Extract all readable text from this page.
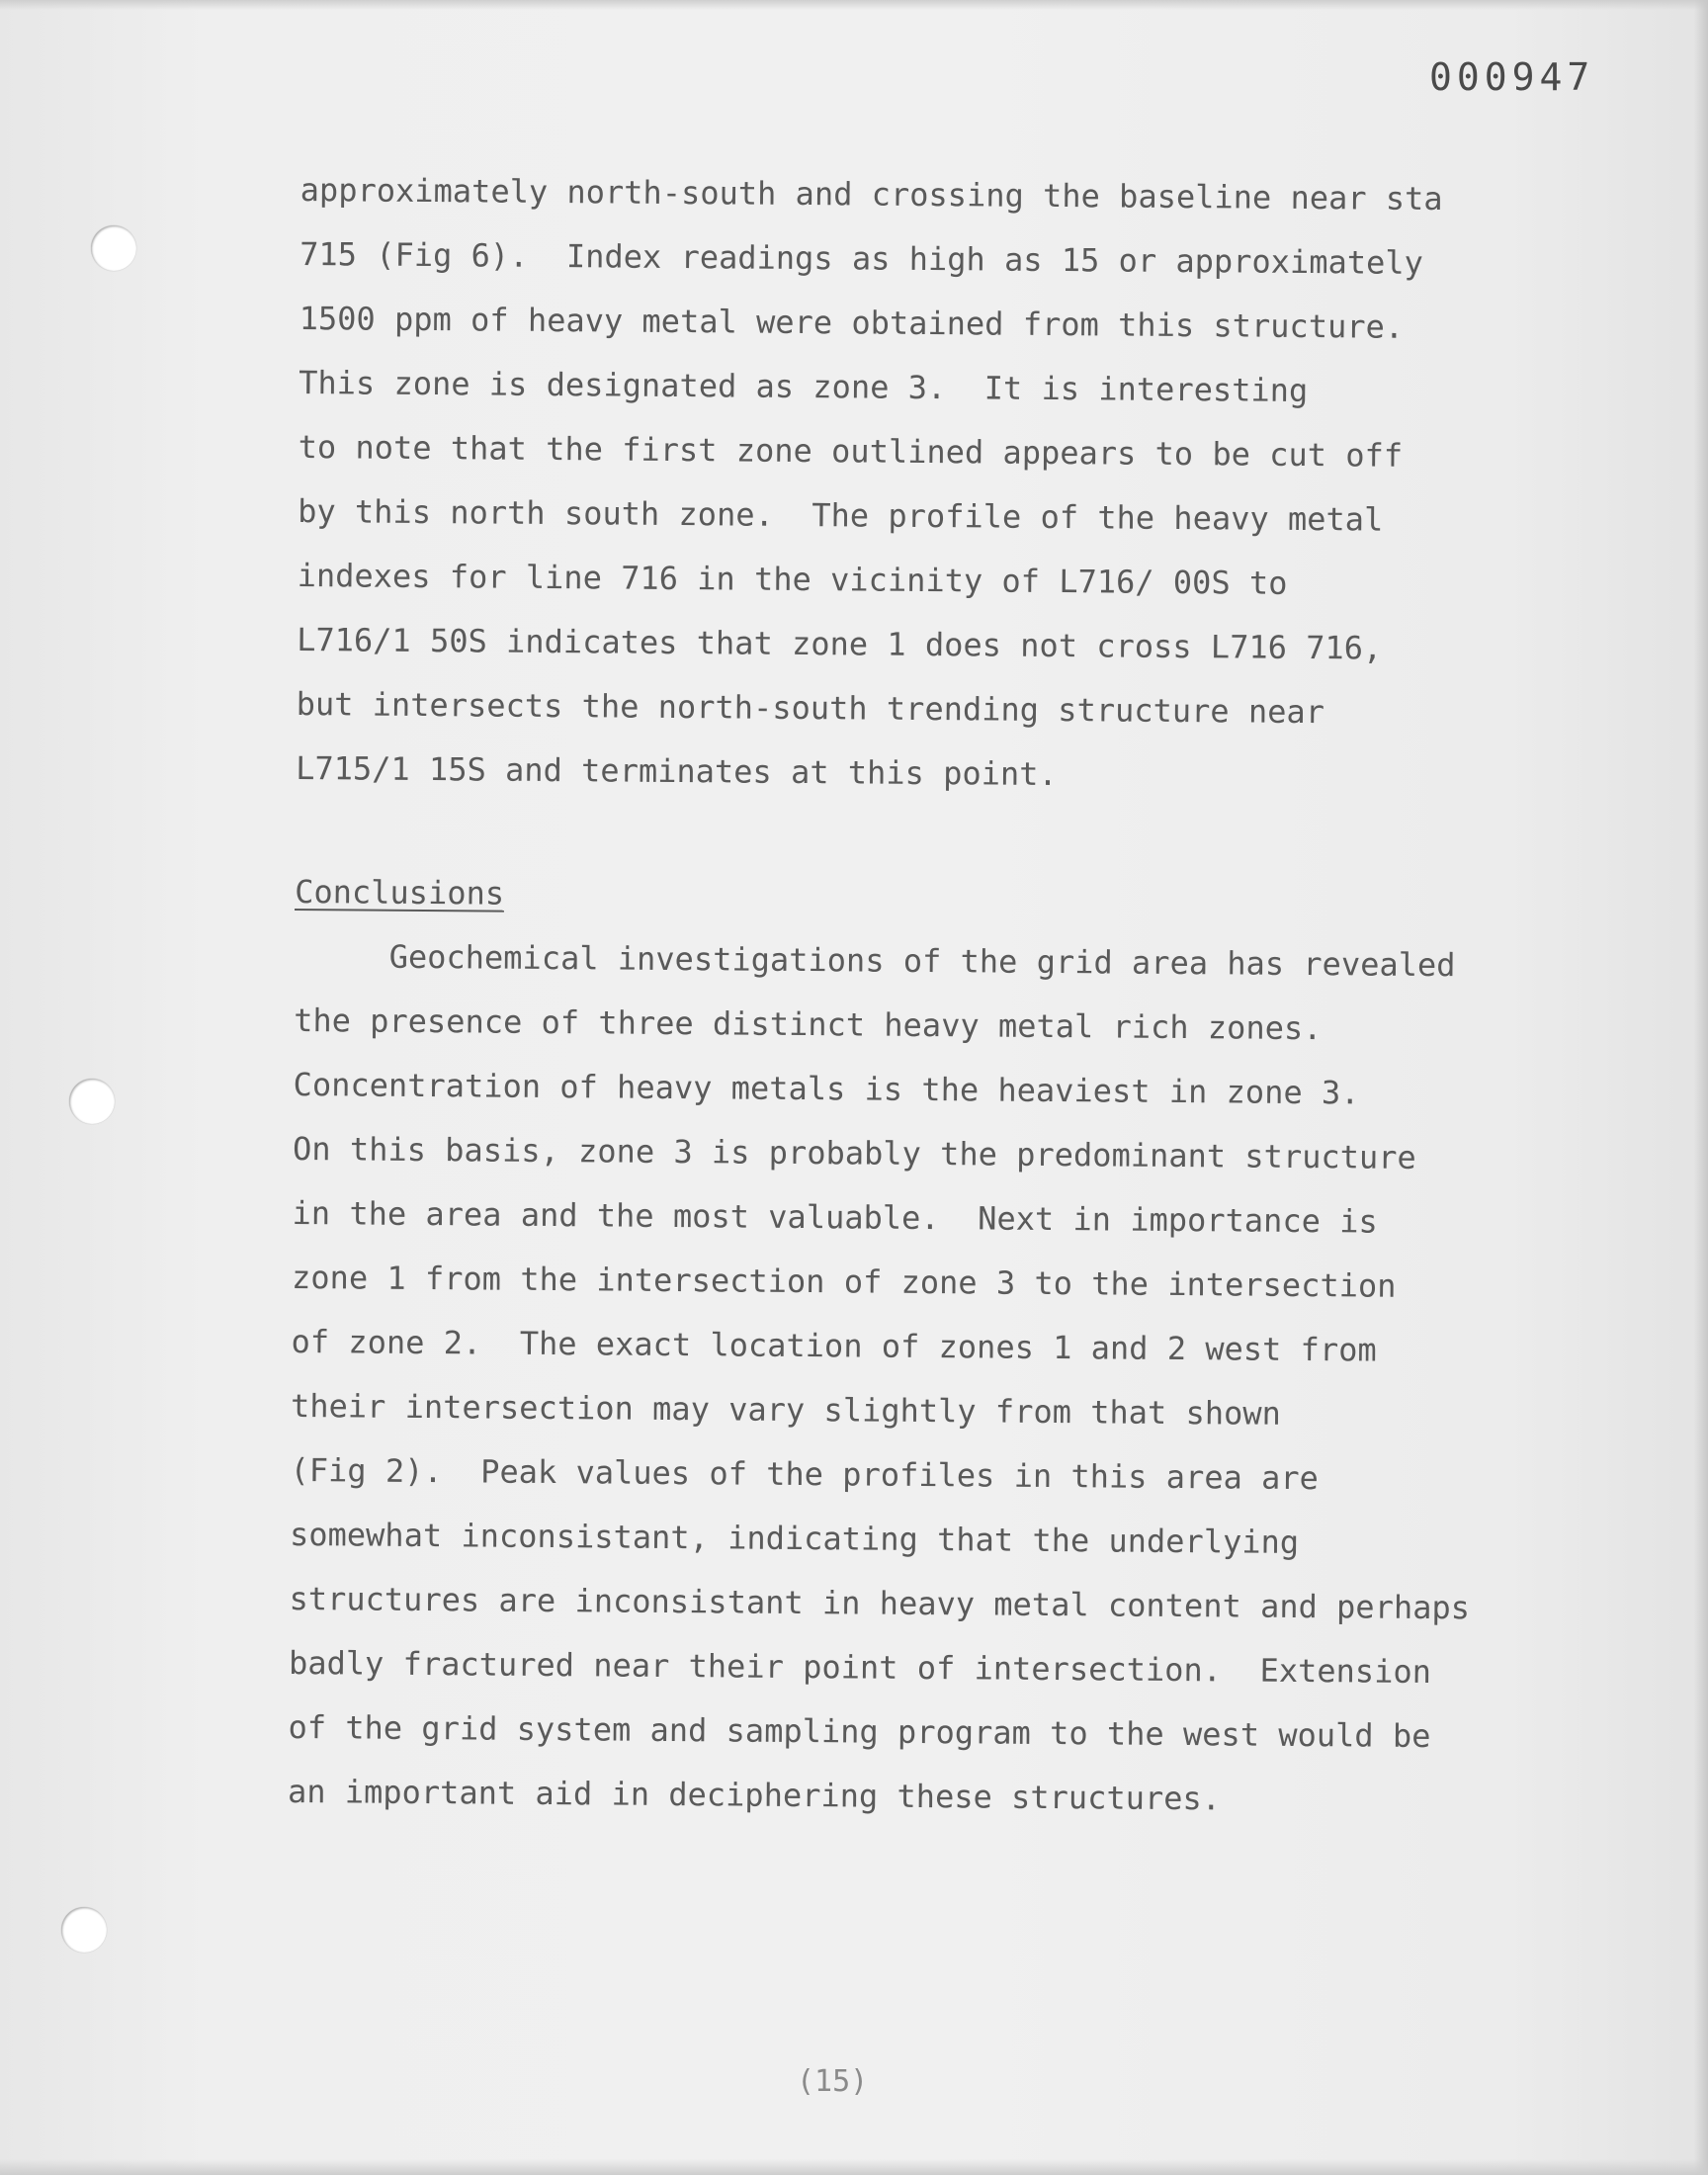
000947

approximately north-south and crossing the baseline near sta

715 (Fig 6).  Index readings as high as 15 or approximately

1500 ppm of heavy metal were obtained from this structure.

This zone is designated as zone 3.  It is interesting

to note that the first zone outlined appears to be cut off

by this north south zone.  The profile of the heavy metal

indexes for line 716 in the vicinity of L716/ 00S to

L716/1 50S indicates that zone 1 does not cross L716 716,

but intersects the north-south trending structure near

L715/1 15S and terminates at this point.

Conclusions

Geochemical investigations of the grid area has revealed

the presence of three distinct heavy metal rich zones.

Concentration of heavy metals is the heaviest in zone 3.

On this basis, zone 3 is probably the predominant structure

in the area and the most valuable.  Next in importance is

zone 1 from the intersection of zone 3 to the intersection

of zone 2.  The exact location of zones 1 and 2 west from

their intersection may vary slightly from that shown

(Fig 2).  Peak values of the profiles in this area are

somewhat inconsistant, indicating that the underlying

structures are inconsistant in heavy metal content and perhaps

badly fractured near their point of intersection.  Extension

of the grid system and sampling program to the west would be

an important aid in deciphering these structures.

(15)
